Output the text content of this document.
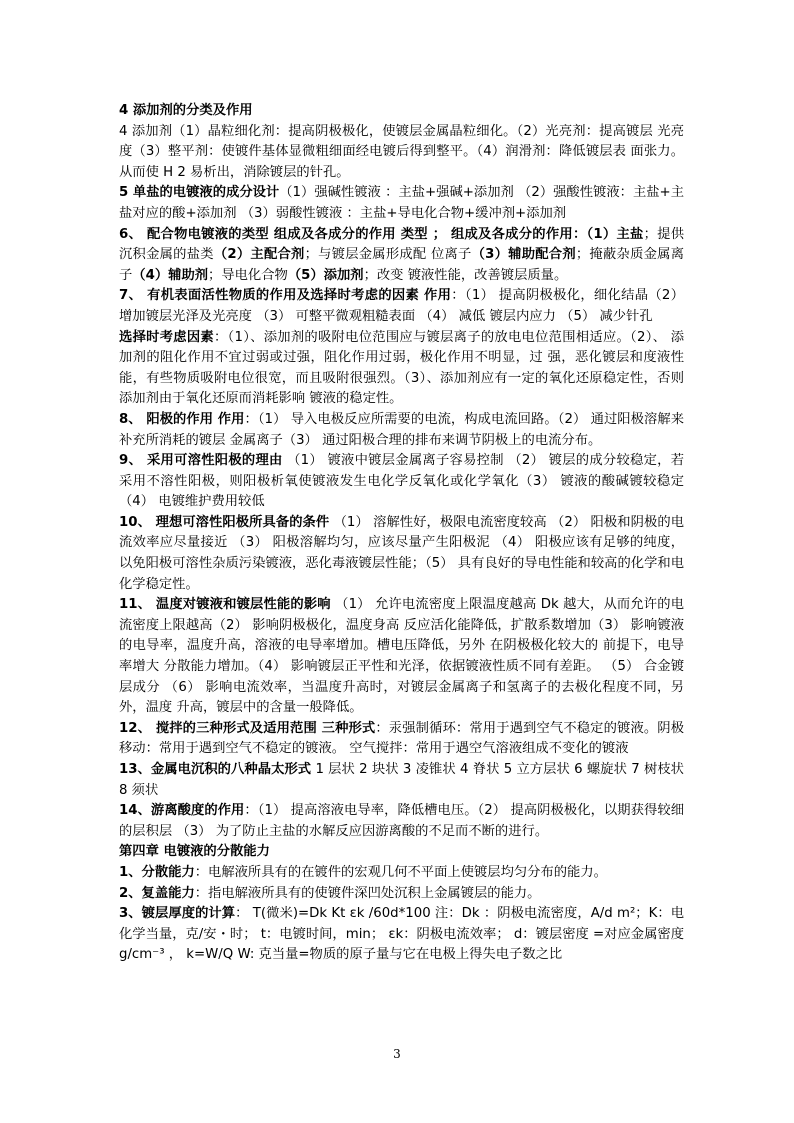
4 添加剂的分类及作用

4 添加剂（1）晶粒细化剂：提高阴极极化，使镀层金属晶粒细化。（2）光亮剂：提高镀层 光亮度（3）整平剂：使镀件基体显微粗细面经电镀后得到整平。（4）润滑剂：降低镀层表 面张力。从而使 H 2 易析出，消除镀层的针孔。

5 单盐的电镀液的成分设计（1）强碱性镀液 ：主盐+强碱+添加剂 （2）强酸性镀液：主盐+主盐对应的酸+添加剂 （3）弱酸性镀液 ：主盐+导电化合物+缓冲剂+添加剂

6、 配合物电镀液的类型 组成及各成分的作用 类型 ； 组成及各成分的作用：（1）主盐；提供沉积金属的盐类（2）主配合剂；与镀层金属形成配 位离子（3）辅助配合剂；掩蔽杂质金属离子（4）辅助剂；导电化合物（5）添加剂；改变 镀液性能，改善镀层质量。

7、 有机表面活性物质的作用及选择时考虑的因素 作用：（1） 提高阴极极化，细化结晶（2） 增加镀层光泽及光亮度 （3） 可整平微观粗糙表面 （4） 减低 镀层内应力 （5） 减少针孔

选择时考虑因素：（1）、添加剂的吸附电位范围应与镀层离子的放电电位范围相适应。（2）、 添加剂的阻化作用不宜过弱或过强，阻化作用过弱，极化作用不明显，过 强，恶化镀层和度液性能，有些物质吸附电位很宽，而且吸附很强烈。（3）、添加剂应有一定的氧化还原稳定性，否则添加剂由于氧化还原而消耗影响 镀液的稳定性。

8、 阳极的作用 作用：（1） 导入电极反应所需要的电流，构成电流回路。（2） 通过阳极溶解来补充所消耗的镀层 金属离子（3） 通过阳极合理的排布来调节阴极上的电流分布。

9、 采用可溶性阳极的理由 （1） 镀液中镀层金属离子容易控制 （2） 镀层的成分较稳定，若采用不溶性阳极，则阳极析氧使镀液发生电化学反氧化或化学氧化（3） 镀液的酸碱镀较稳定（4） 电镀维护费用较低

10、 理想可溶性阳极所具备的条件 （1） 溶解性好，极限电流密度较高 （2） 阳极和阴极的电流效率应尽量接近 （3） 阳极溶解均匀，应该尽量产生阳极泥 （4） 阳极应该有足够的纯度，以免阳极可溶性杂质污染镀液，恶化毒液镀层性能；（5） 具有良好的导电性能和较高的化学和电化学稳定性。

11、 温度对镀液和镀层性能的影响 （1） 允许电流密度上限温度越高 Dk 越大，从而允许的电流密度上限越高（2） 影响阴极极化，温度身高 反应活化能降低，扩散系数增加（3） 影响镀液的电导率，温度升高，溶液的电导率增加。槽电压降低，另外 在阴极极化较大的 前提下，电导率增大 分散能力增加。（4） 影响镀层正平性和光泽，依据镀液性质不同有差距。 （5） 合金镀层成分 （6） 影响电流效率，当温度升高时，对镀层金属离子和氢离子的去极化程度不同，另外，温度 升高，镀层中的含量一般降低。

12、 搅拌的三种形式及适用范围 三种形式：汞强制循环：常用于遇到空气不稳定的镀液。阴极移动：常用于遇到空气不稳定的镀液。 空气搅拌：常用于遇空气溶液组成不变化的镀液

13、金属电沉积的八种晶太形式 1 层状 2 块状 3 凌锥状 4 脊状 5 立方层状 6 螺旋状 7 树枝状 8 须状

14、游离酸度的作用：（1） 提高溶液电导率，降低槽电压。（2） 提高阴极极化，以期获得较细的层积层 （3） 为了防止主盐的水解反应因游离酸的不足而不断的进行。

第四章 电镀液的分散能力

1、分散能力：电解液所具有的在镀件的宏观几何不平面上使镀层均匀分布的能力。

2、复盖能力：指电解液所具有的使镀件深凹处沉积上金属镀层的能力。

3、镀层厚度的计算： T(微米)=Dk Kt εk /60d*100 注：Dk ：阴极电流密度，A/d m²；K：电化学当量，克/安・时； t：电镀时间，min； εk：阴极电流效率； d：镀层密度 =对应金属密度 g/cm⁻³ ， k=W/Q W: 克当量=物质的原子量与它在电极上得失电子数之比

3
